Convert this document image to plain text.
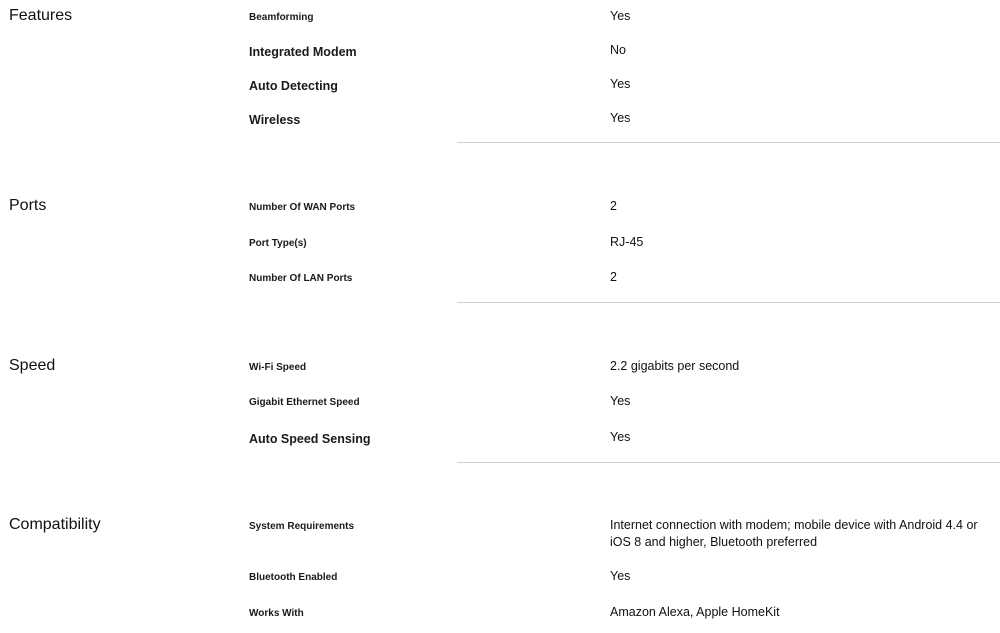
Features	Beamforming	Yes
Integrated Modem	No
Auto Detecting	Yes
Wireless	Yes
Ports	Number Of WAN Ports	2
Port Type(s)	RJ-45
Number Of LAN Ports	2
Speed	Wi-Fi Speed	2.2 gigabits per second
Gigabit Ethernet Speed	Yes
Auto Speed Sensing	Yes
Compatibility	System Requirements	Internet connection with modem; mobile device with Android 4.4 or iOS 8 and higher, Bluetooth preferred
Bluetooth Enabled	Yes
Works With	Amazon Alexa, Apple HomeKit
